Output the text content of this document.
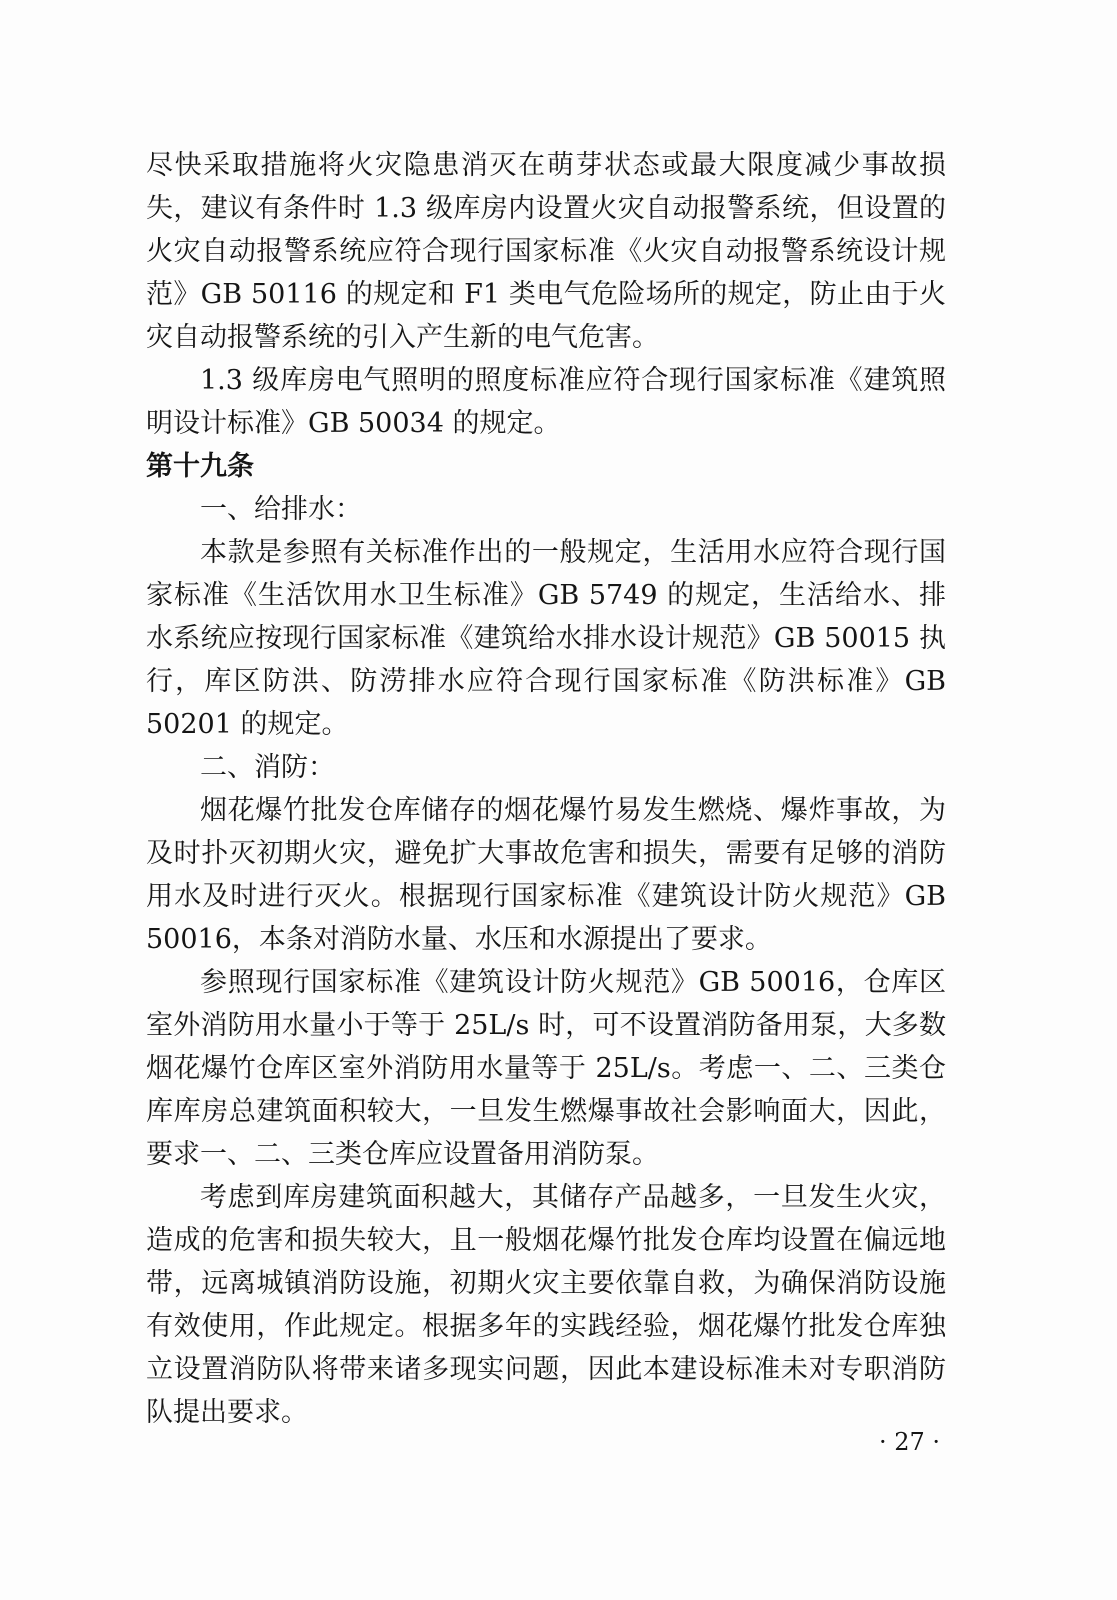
尽快采取措施将火灾隐患消灭在萌芽状态或最大限度减少事故损失，建议有条件时 1.3 级库房内设置火灾自动报警系统，但设置的火灾自动报警系统应符合现行国家标准《火灾自动报警系统设计规范》GB 50116 的规定和 F1 类电气危险场所的规定，防止由于火灾自动报警系统的引入产生新的电气危害。

1.3 级库房电气照明的照度标准应符合现行国家标准《建筑照明设计标准》GB 50034 的规定。

第十九条

一、给排水：

本款是参照有关标准作出的一般规定，生活用水应符合现行国家标准《生活饮用水卫生标准》GB 5749 的规定，生活给水、排水系统应按现行国家标准《建筑给水排水设计规范》GB 50015 执行，库区防洪、防涝排水应符合现行国家标准《防洪标准》GB 50201 的规定。

二、消防：

烟花爆竹批发仓库储存的烟花爆竹易发生燃烧、爆炸事故，为及时扑灭初期火灾，避免扩大事故危害和损失，需要有足够的消防用水及时进行灭火。根据现行国家标准《建筑设计防火规范》GB 50016，本条对消防水量、水压和水源提出了要求。

参照现行国家标准《建筑设计防火规范》GB 50016，仓库区室外消防用水量小于等于 25L/s 时，可不设置消防备用泵，大多数烟花爆竹仓库区室外消防用水量等于 25L/s。考虑一、二、三类仓库库房总建筑面积较大，一旦发生燃爆事故社会影响面大，因此，要求一、二、三类仓库应设置备用消防泵。

考虑到库房建筑面积越大，其储存产品越多，一旦发生火灾，造成的危害和损失较大，且一般烟花爆竹批发仓库均设置在偏远地带，远离城镇消防设施，初期火灾主要依靠自救，为确保消防设施有效使用，作此规定。根据多年的实践经验，烟花爆竹批发仓库独立设置消防队将带来诸多现实问题，因此本建设标准未对专职消防队提出要求。

· 27 ·
